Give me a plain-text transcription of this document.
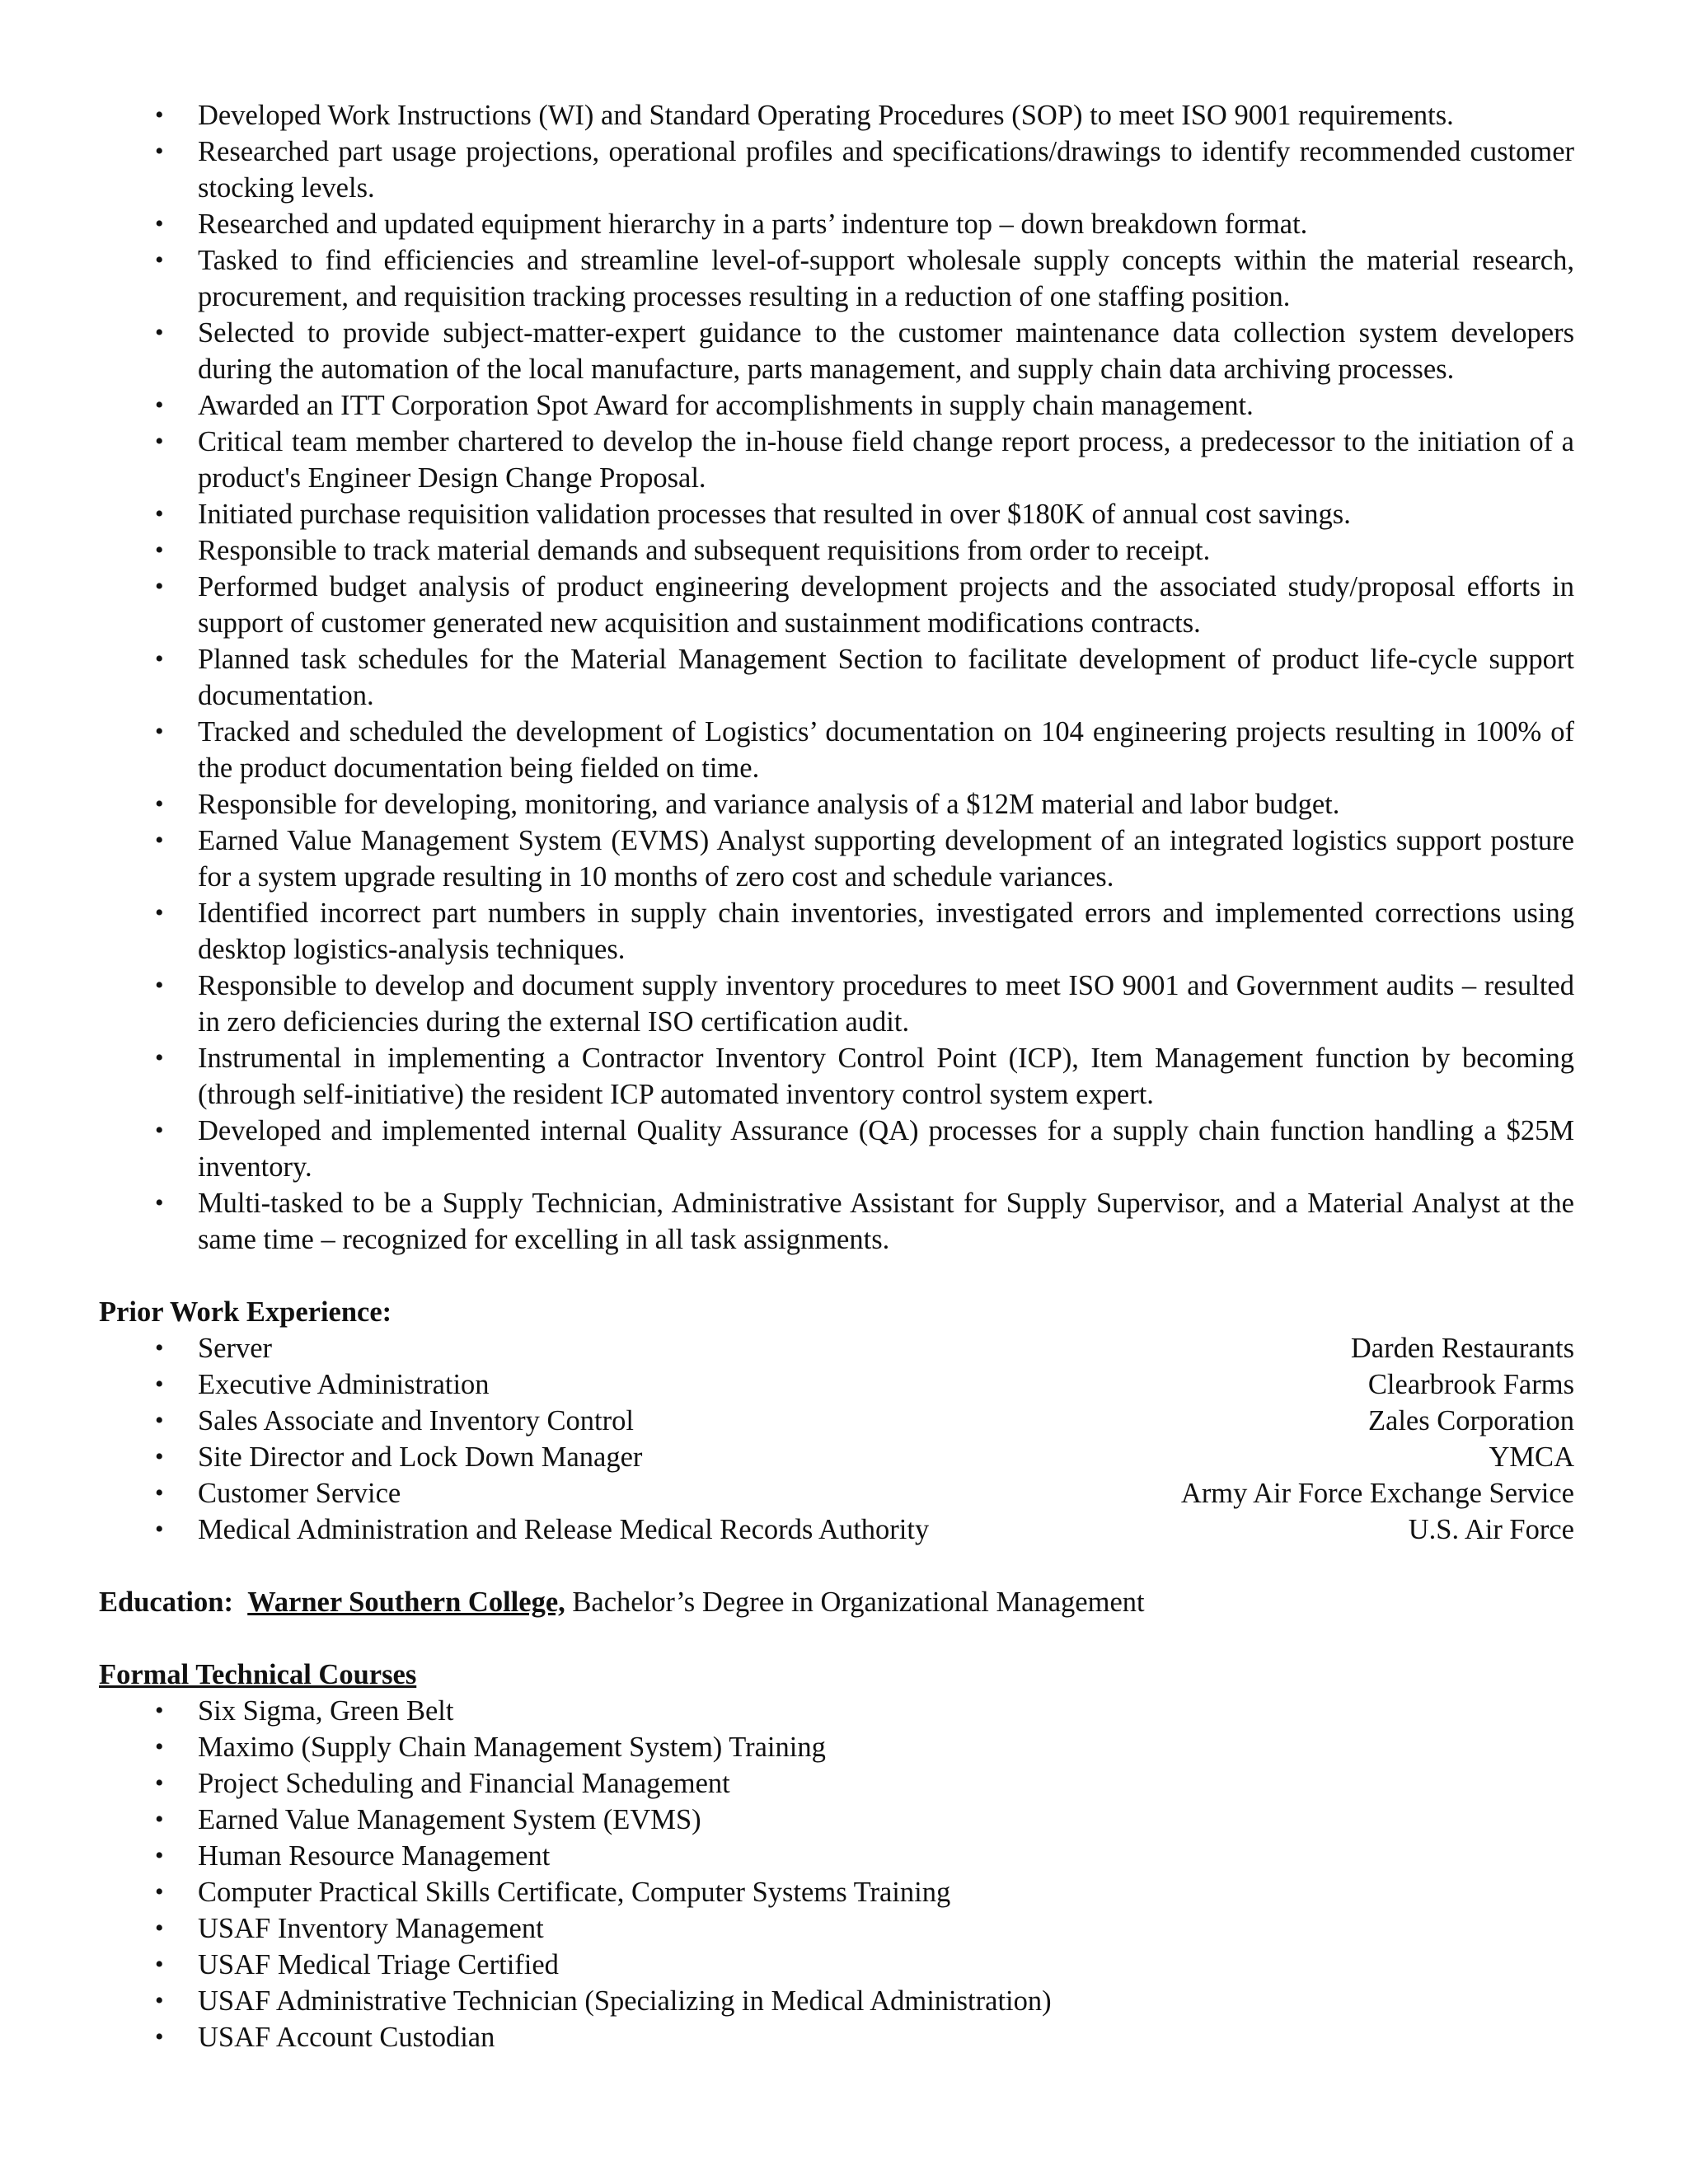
•
Developed Work Instructions (WI) and Standard Operating Procedures (SOP) to meet ISO 9001 requirements.
•
Researched part usage projections, operational profiles and specifications/drawings to identify recommended customer stocking levels.
•
Researched and updated equipment hierarchy in a parts’ indenture top – down breakdown format.
•
Tasked to find efficiencies and streamline level-of-support wholesale supply concepts within the material research, procurement, and requisition tracking processes resulting in a reduction of one staffing position.
•
Selected to provide subject-matter-expert guidance to the customer maintenance data collection system developers during the automation of the local manufacture, parts management, and supply chain data archiving processes.
•
Awarded an ITT Corporation Spot Award for accomplishments in supply chain management.
•
Critical team member chartered to develop the in-house field change report process, a predecessor to the initiation of a product's Engineer Design Change Proposal.
•
Initiated purchase requisition validation processes that resulted in over $180K of annual cost savings.
•
Responsible to track material demands and subsequent requisitions from order to receipt.
•
Performed budget analysis of product engineering development projects and the associated study/proposal efforts in support of customer generated new acquisition and sustainment modifications contracts.
•
Planned task schedules for the Material Management Section to facilitate development of product life-cycle support documentation.
•
Tracked and scheduled the development of Logistics’ documentation on 104 engineering projects resulting in 100% of the product documentation being fielded on time.
•
Responsible for developing, monitoring, and variance analysis of a $12M material and labor budget.
•
Earned Value Management System (EVMS) Analyst supporting development of an integrated logistics support posture for a system upgrade resulting in 10 months of zero cost and schedule variances.
•
Identified incorrect part numbers in supply chain inventories, investigated errors and implemented corrections using desktop logistics-analysis techniques.
•
Responsible to develop and document supply inventory procedures to meet ISO 9001 and Government audits – resulted in zero deficiencies during the external ISO certification audit.
•
Instrumental in implementing a Contractor Inventory Control Point (ICP), Item Management function by becoming (through self-initiative) the resident ICP automated inventory control system expert.
•
Developed and implemented internal Quality Assurance (QA) processes for a supply chain function handling a $25M inventory.
•
Multi-tasked to be a Supply Technician, Administrative Assistant for Supply Supervisor, and a Material Analyst at the same time – recognized for excelling in all task assignments.
Prior Work Experience:
•
Server	Darden Restaurants
•
Executive Administration	Clearbrook Farms
•
Sales Associate and Inventory Control	Zales Corporation
•
Site Director and Lock Down Manager	YMCA
•
Customer Service	Army Air Force Exchange Service
•
Medical Administration and Release Medical Records Authority	U.S. Air Force
Education: Warner Southern College, Bachelor’s Degree in Organizational Management
Formal Technical Courses
•
Six Sigma, Green Belt
•
Maximo (Supply Chain Management System) Training
•
Project Scheduling and Financial Management
•
Earned Value Management System (EVMS)
•
Human Resource Management
•
Computer Practical Skills Certificate, Computer Systems Training
•
USAF Inventory Management
•
USAF Medical Triage Certified
•
USAF Administrative Technician (Specializing in Medical Administration)
•
USAF Account Custodian
